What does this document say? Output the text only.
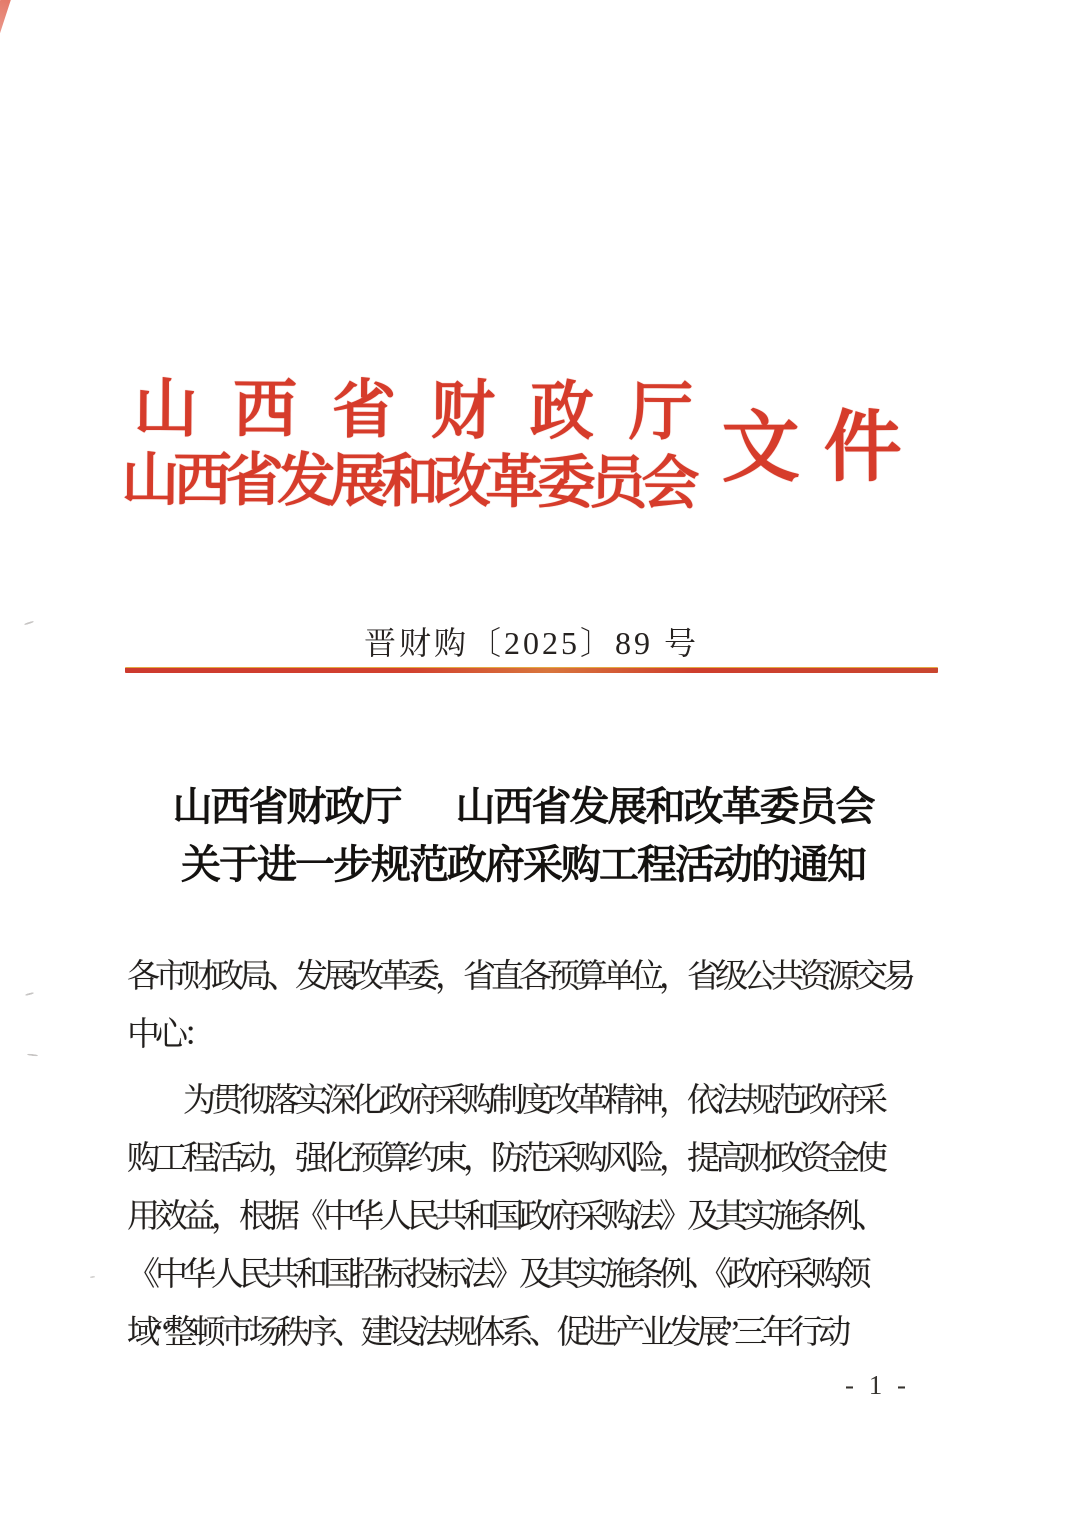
山西省财政厅
山西省发展和改革委员会 文件
晋财购〔2025〕89 号
山西省财政厅 山西省发展和改革委员会
关于进一步规范政府采购工程活动的通知
各市财政局、发展改革委，省直各预算单位，省级公共资源交易
中心：
为贯彻落实深化政府采购制度改革精神，依法规范政府采
购工程活动，强化预算约束，防范采购风险，提高财政资金使
用效益，根据《中华人民共和国政府采购法》及其实施条例、
《中华人民共和国招标投标法》及其实施条例、《政府采购领
域“整顿市场秩序、建设法规体系、促进产业发展”三年行动
- 1 -
